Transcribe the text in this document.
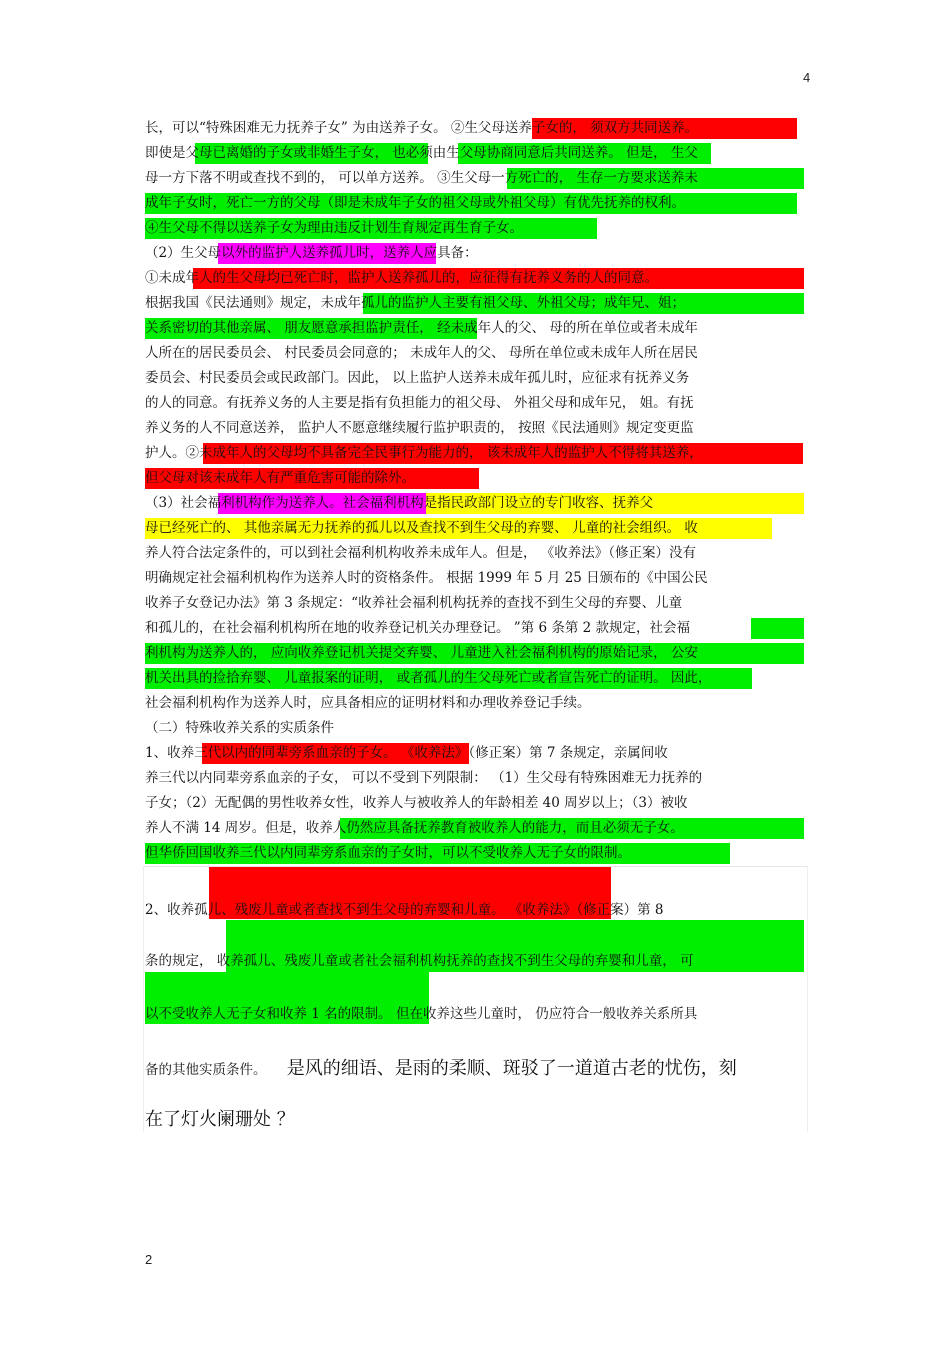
4
长，可以“特殊困难无力抚养子女” 为由送养子女。 ②生父母送养子女的， 须双方共同送养。
即使是父母已离婚的子女或非婚生子女， 也必须由生父母协商同意后共同送养。 但是， 生父
母一方下落不明或查找不到的， 可以单方送养。 ③生父母一方死亡的， 生存一方要求送养未
成年子女时，死亡一方的父母（即是未成年子女的祖父母或外祖父母）有优先抚养的权利。
④生父母不得以送养子女为理由违反计划生育规定再生育子女。
（2）生父母以外的监护人送养孤儿时，送养人应具备：
①未成年人的生父母均已死亡时，监护人送养孤儿的，应征得有抚养义务的人的同意。
根据我国《民法通则》规定，未成年孤儿的监护人主要有祖父母、外祖父母；成年兄、姐；
关系密切的其他亲属、 朋友愿意承担监护责任， 经未成年人的父、 母的所在单位或者未成年
人所在的居民委员会、 村民委员会同意的； 未成年人的父、 母所在单位或未成年人所在居民
委员会、村民委员会或民政部门。因此， 以上监护人送养未成年孤儿时，应征求有抚养义务
的人的同意。有抚养义务的人主要是指有负担能力的祖父母、 外祖父母和成年兄， 姐。有抚
养义务的人不同意送养， 监护人不愿意继续履行监护职责的， 按照《民法通则》规定变更监
护人。②未成年人的父母均不具备完全民事行为能力的， 该未成年人的监护人不得将其送养，
但父母对该未成年人有严重危害可能的除外。
（3）社会福利机构作为送养人。社会福利机构是指民政部门设立的专门收容、抚养父
母已经死亡的、 其他亲属无力抚养的孤儿以及查找不到生父母的弃婴、 儿童的社会组织。 收
养人符合法定条件的，可以到社会福利机构收养未成年人。但是， 《收养法》（修正案）没有
明确规定社会福利机构作为送养人时的资格条件。 根据 1999 年 5 月 25 日颁布的《中国公民
收养子女登记办法》第 3 条规定：“收养社会福利机构抚养的查找不到生父母的弃婴、儿童
和孤儿的，在社会福利机构所在地的收养登记机关办理登记。 ”第 6 条第 2 款规定，社会福
利机构为送养人的， 应向收养登记机关提交弃婴、 儿童进入社会福利机构的原始记录， 公安
机关出具的捡拾弃婴、 儿童报案的证明， 或者孤儿的生父母死亡或者宣告死亡的证明。 因此，
社会福利机构作为送养人时，应具备相应的证明材料和办理收养登记手续。
（二）特殊收养关系的实质条件
1、收养三代以内的同辈旁系血亲的子女。 《收养法》（修正案）第 7 条规定，亲属间收
养三代以内同辈旁系血亲的子女， 可以不受到下列限制： （1）生父母有特殊困难无力抚养的
子女；（2）无配偶的男性收养女性，收养人与被收养人的年龄相差 40 周岁以上；（3）被收
养人不满 14 周岁。但是，收养人仍然应具备抚养教育被收养人的能力，而且必须无子女。
但华侨回国收养三代以内同辈旁系血亲的子女时，可以不受收养人无子女的限制。
2、收养孤儿、残废儿童或者查找不到生父母的弃婴和儿童。 《收养法》（修正案）第 8
条的规定， 收养孤儿、残废儿童或者社会福利机构抚养的查找不到生父母的弃婴和儿童， 可
以不受收养人无子女和收养 1 名的限制。 但在收养这些儿童时， 仍应符合一般收养关系所具
备的其他实质条件。 是风的细语、是雨的柔顺、斑驳了一道道古老的忧伤，刻
在了灯火阑珊处 ？
2
